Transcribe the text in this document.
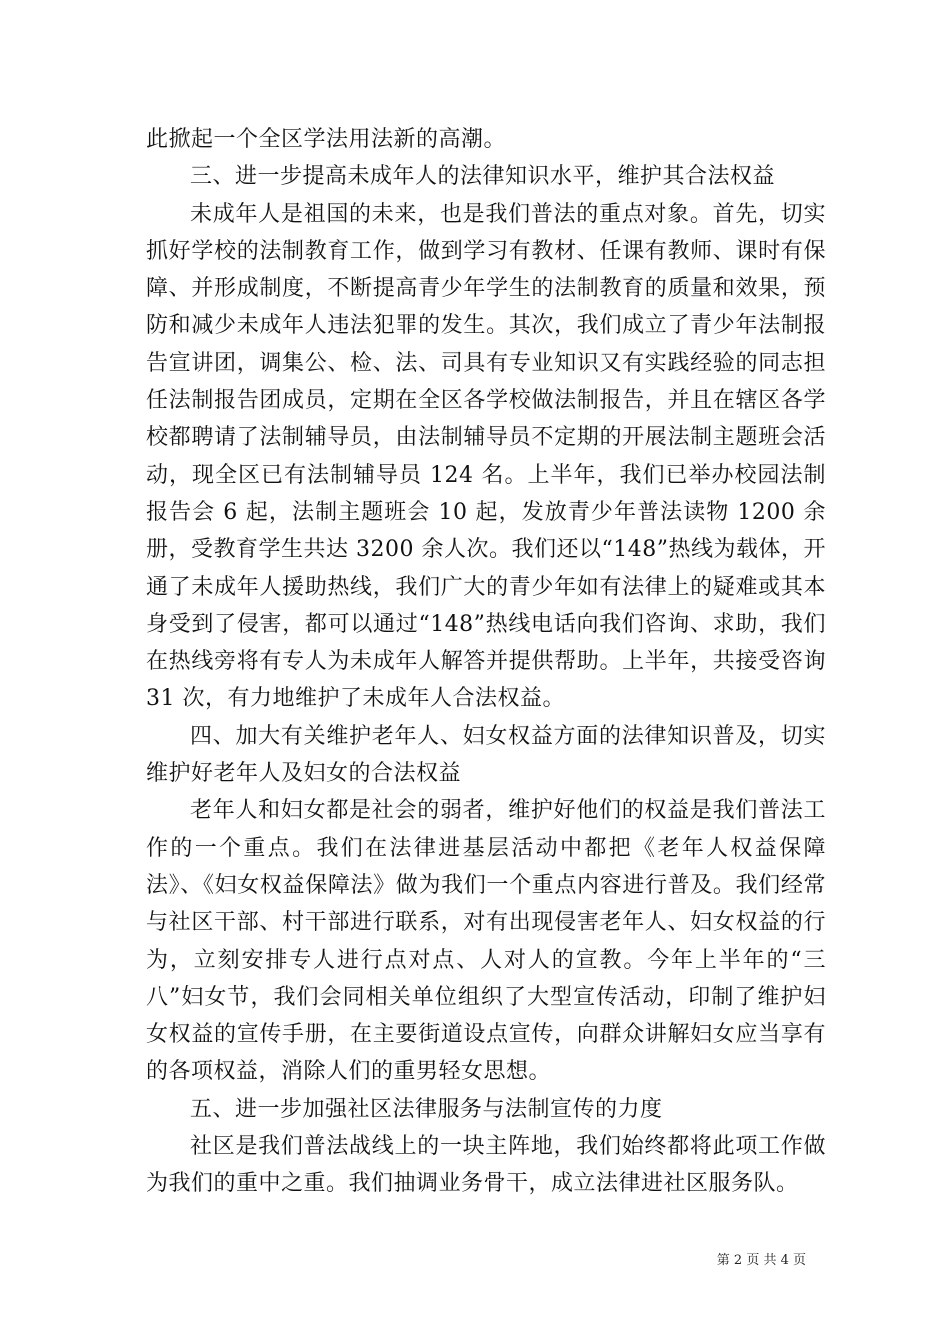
此掀起一个全区学法用法新的高潮。

三、进一步提高未成年人的法律知识水平，维护其合法权益

未成年人是祖国的未来，也是我们普法的重点对象。首先，切实抓好学校的法制教育工作，做到学习有教材、任课有教师、课时有保障、并形成制度，不断提高青少年学生的法制教育的质量和效果，预防和减少未成年人违法犯罪的发生。其次，我们成立了青少年法制报告宣讲团，调集公、检、法、司具有专业知识又有实践经验的同志担任法制报告团成员，定期在全区各学校做法制报告，并且在辖区各学校都聘请了法制辅导员，由法制辅导员不定期的开展法制主题班会活动，现全区已有法制辅导员 124 名。上半年，我们已举办校园法制报告会 6 起，法制主题班会 10 起，发放青少年普法读物 1200 余册，受教育学生共达 3200 余人次。我们还以“148”热线为载体，开通了未成年人援助热线，我们广大的青少年如有法律上的疑难或其本身受到了侵害，都可以通过“148”热线电话向我们咨询、求助，我们在热线旁将有专人为未成年人解答并提供帮助。上半年，共接受咨询 31 次，有力地维护了未成年人合法权益。

四、加大有关维护老年人、妇女权益方面的法律知识普及，切实维护好老年人及妇女的合法权益

老年人和妇女都是社会的弱者，维护好他们的权益是我们普法工作的一个重点。我们在法律进基层活动中都把《老年人权益保障法》、《妇女权益保障法》做为我们一个重点内容进行普及。我们经常与社区干部、村干部进行联系，对有出现侵害老年人、妇女权益的行为，立刻安排专人进行点对点、人对人的宣教。今年上半年的“三八”妇女节，我们会同相关单位组织了大型宣传活动，印制了维护妇女权益的宣传手册，在主要街道设点宣传，向群众讲解妇女应当享有的各项权益，消除人们的重男轻女思想。

五、进一步加强社区法律服务与法制宣传的力度

社区是我们普法战线上的一块主阵地，我们始终都将此项工作做为我们的重中之重。我们抽调业务骨干，成立法律进社区服务队。

第 2 页 共 4 页
